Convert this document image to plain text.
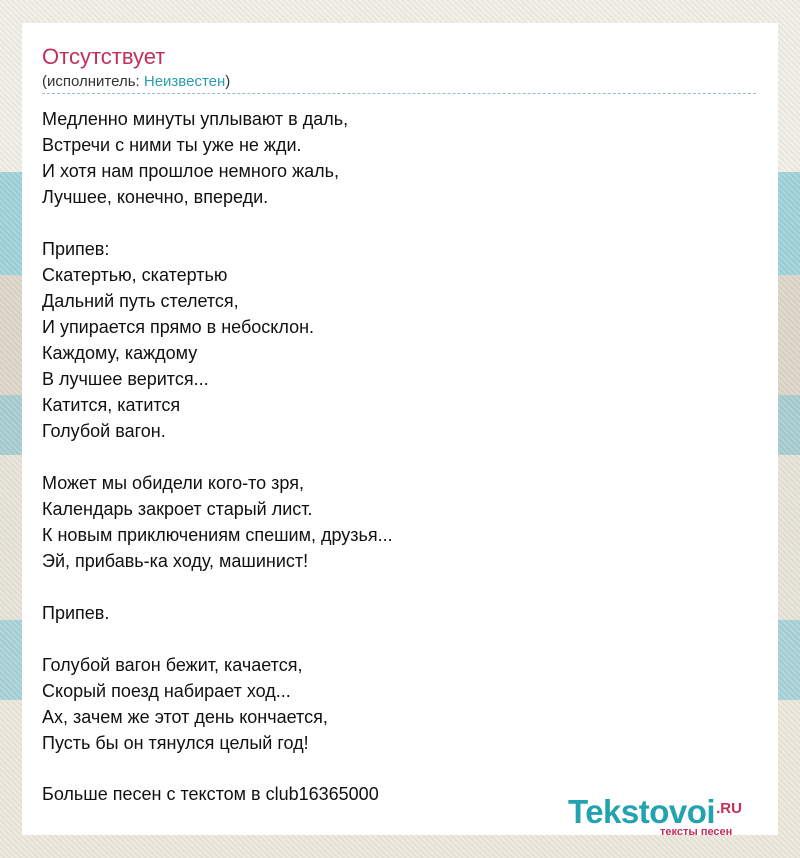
Отсутствует
(исполнитель: Неизвестен)
Медленно минуты уплывают в даль,
Встречи с ними ты уже не жди.
И хотя нам прошлое немного жаль,
Лучшее, конечно, впереди.
Припев:
Скатертью, скатертью
Дальний путь стелется,
И упирается прямо в небосклон.
Каждому, каждому
В лучшее верится...
Катится, катится
Голубой вагон.
Может мы обидели кого-то зря,
Календарь закроет старый лист.
К новым приключениям спешим, друзья...
Эй, прибавь-ка ходу, машинист!
Припев.
Голубой вагон бежит, качается,
Скорый поезд набирает ход...
Ах, зачем же этот день кончается,
Пусть бы он тянулся целый год!
Больше песен с текстом в club16365000	Tekstovoi$^{.RU}$
тексты песен
